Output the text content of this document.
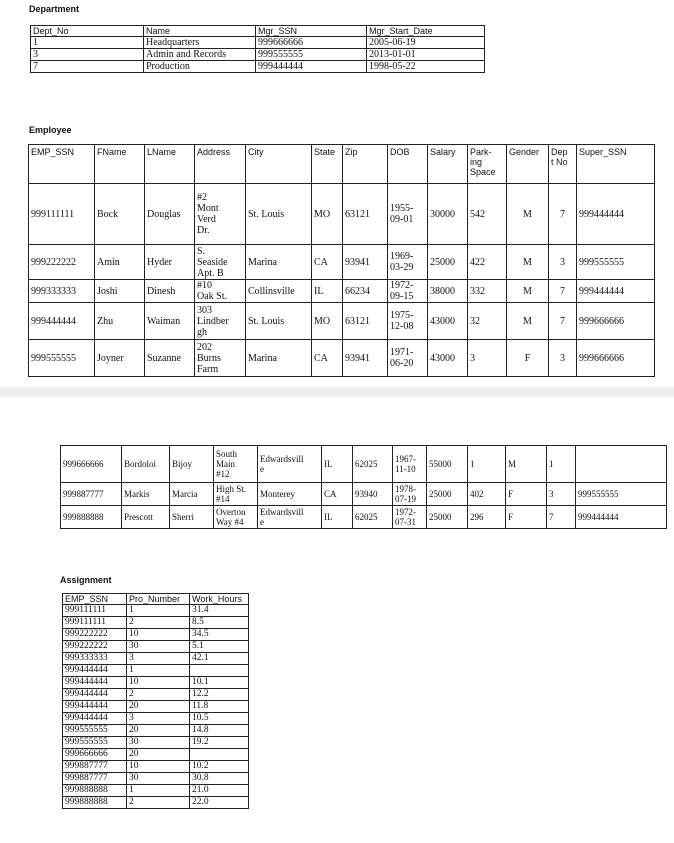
Department
Dept_No	Name	Mgr_SSN	Mgr_Start_Date
1	Headquarters	999666666	2005-06-19
3	Admin and Records	999555555	2013-01-01
7	Production	999444444	1998-05-22
Employee
EMP_SSN	FName	LName	Address	City	State	Zip	DOB	Salary	Park-
ing
Space	Gender	Dep
t No	Super_SSN
999111111	Bock	Douglas	#2
Mont
Verd
Dr.	St. Louis	MO	63121	1955-
09-01	30000	542	M	7	999444444
999222222	Amin	Hyder	S.
Seaside
Apt. B	Marina	CA	93941	1969-
03-29	25000	422	M	3	999555555
999333333	Joshi	Dinesh	#10
Oak St.	Collinsville	IL	66234	1972-
09-15	38000	332	M	7	999444444
999444444	Zhu	Waiman	303
Lindber
gh	St. Louis	MO	63121	1975-
12-08	43000	32	M	7	999666666
999555555	Joyner	Suzanne	202
Burns
Farm	Marina	CA	93941	1971-
06-20	43000	3	F	3	999666666
999666666	Bordoloi	Bijoy	South
Main
#12	Edwardsvill
e	IL	62025	1967-
11-10	55000	1	M	1	
999887777	Markis	Marcia	High St.
#14	Monterey	CA	93940	1978-
07-19	25000	402	F	3	999555555
999888888	Prescott	Sherri	Overton
Way #4	Edwardsvill
e	IL	62025	1972-
07-31	25000	296	F	7	999444444
Assignment
EMP_SSN	Pro_Number	Work_Hours
999111111	1	31.4
999111111	2	8.5
999222222	10	34.5
999222222	30	5.1
999333333	3	42.1
999444444	1	
999444444	10	10.1
999444444	2	12.2
999444444	20	11.8
999444444	3	10.5
999555555	20	14.8
999555555	30	19.2
999666666	20	
999887777	10	10.2
999887777	30	30.8
999888888	1	21.0
999888888	2	22.0
